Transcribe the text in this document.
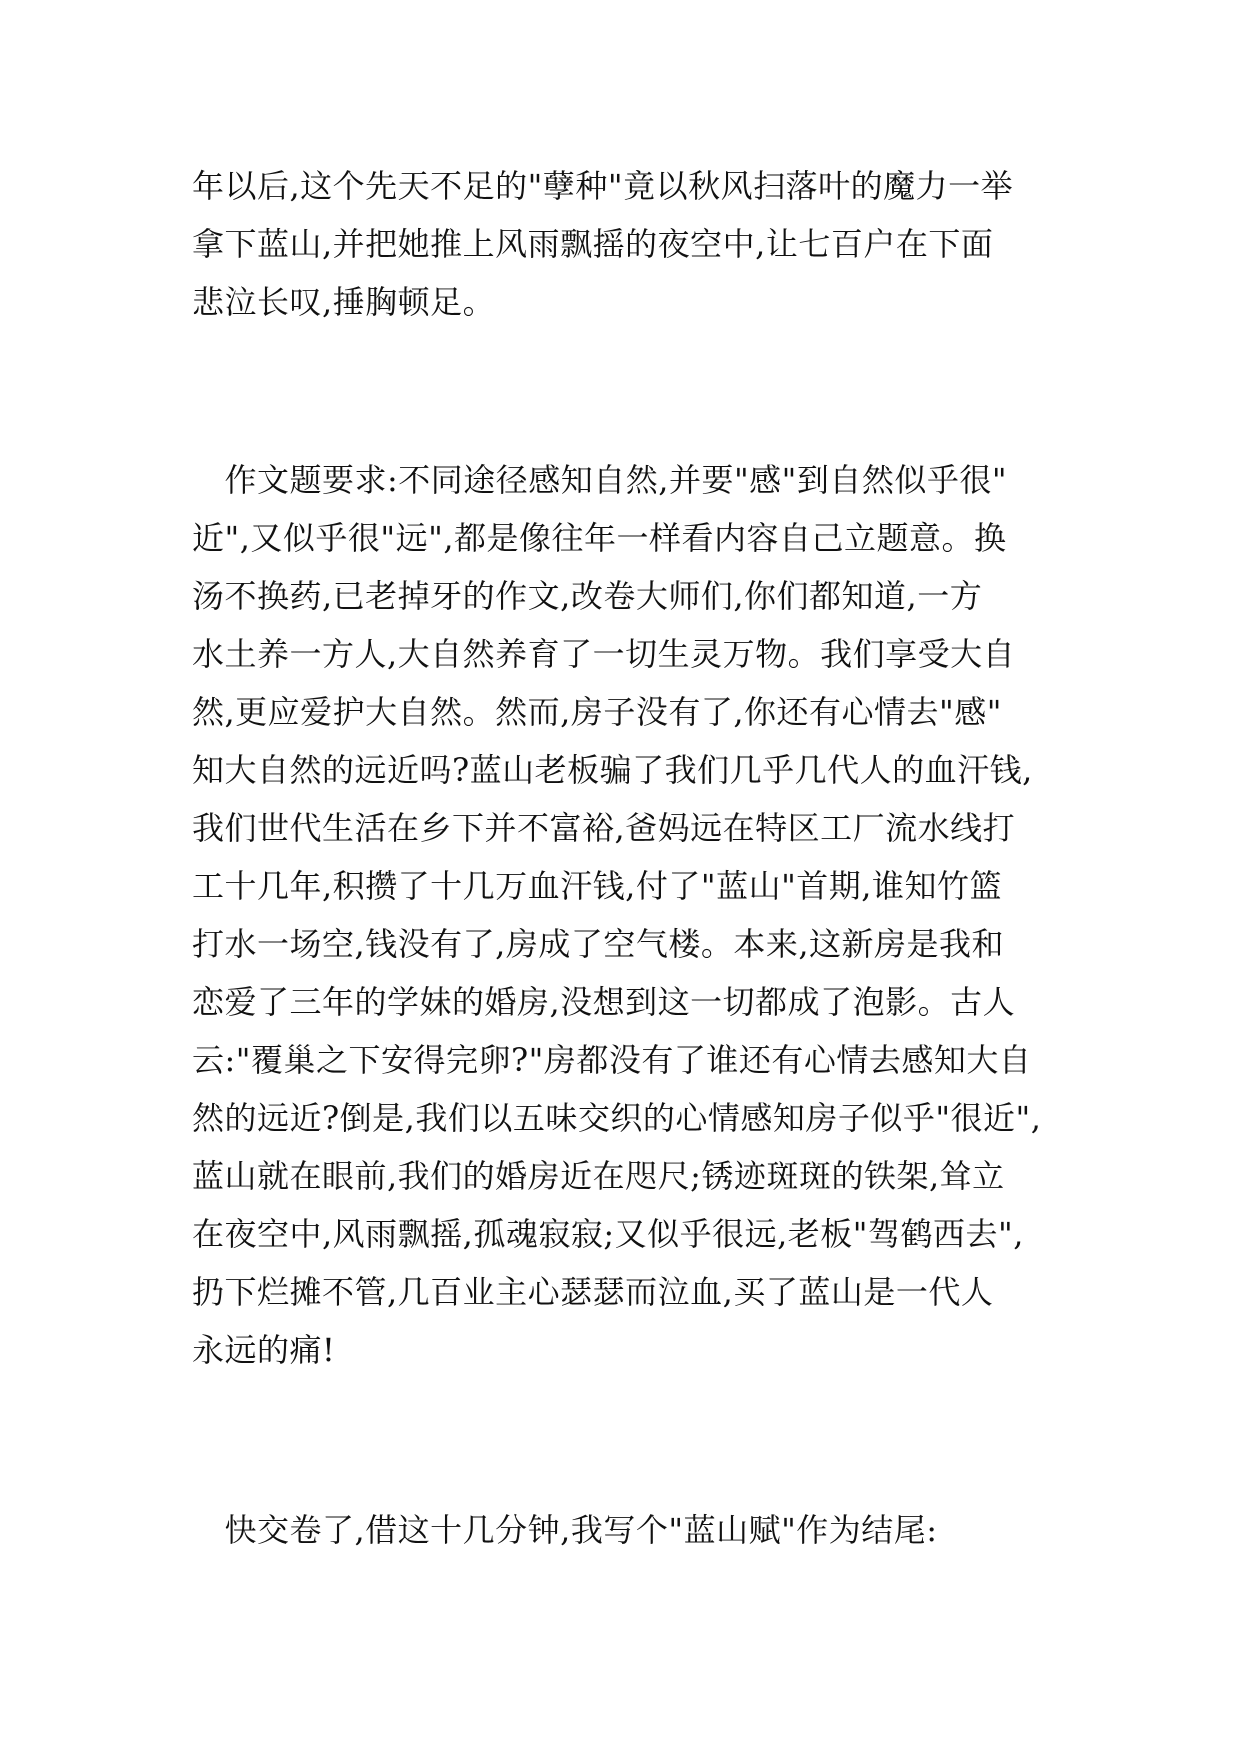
年以后,这个先天不足的"孽种"竟以秋风扫落叶的魔力一举
拿下蓝山,并把她推上风雨飘摇的夜空中,让七百户在下面
悲泣长叹,捶胸顿足。
　作文题要求:不同途径感知自然,并要"感"到自然似乎很"
近",又似乎很"远",都是像往年一样看内容自己立题意。换
汤不换药,已老掉牙的作文,改卷大师们,你们都知道,一方
水土养一方人,大自然养育了一切生灵万物。我们享受大自
然,更应爱护大自然。然而,房子没有了,你还有心情去"感"
知大自然的远近吗?蓝山老板骗了我们几乎几代人的血汗钱,
我们世代生活在乡下并不富裕,爸妈远在特区工厂流水线打
工十几年,积攒了十几万血汗钱,付了"蓝山"首期,谁知竹篮
打水一场空,钱没有了,房成了空气楼。本来,这新房是我和
恋爱了三年的学妹的婚房,没想到这一切都成了泡影。古人
云:"覆巢之下安得完卵?"房都没有了谁还有心情去感知大自
然的远近?倒是,我们以五味交织的心情感知房子似乎"很近",
蓝山就在眼前,我们的婚房近在咫尺;锈迹斑斑的铁架,耸立
在夜空中,风雨飘摇,孤魂寂寂;又似乎很远,老板"驾鹤西去",
扔下烂摊不管,几百业主心瑟瑟而泣血,买了蓝山是一代人
永远的痛!
　快交卷了,借这十几分钟,我写个"蓝山赋"作为结尾:
